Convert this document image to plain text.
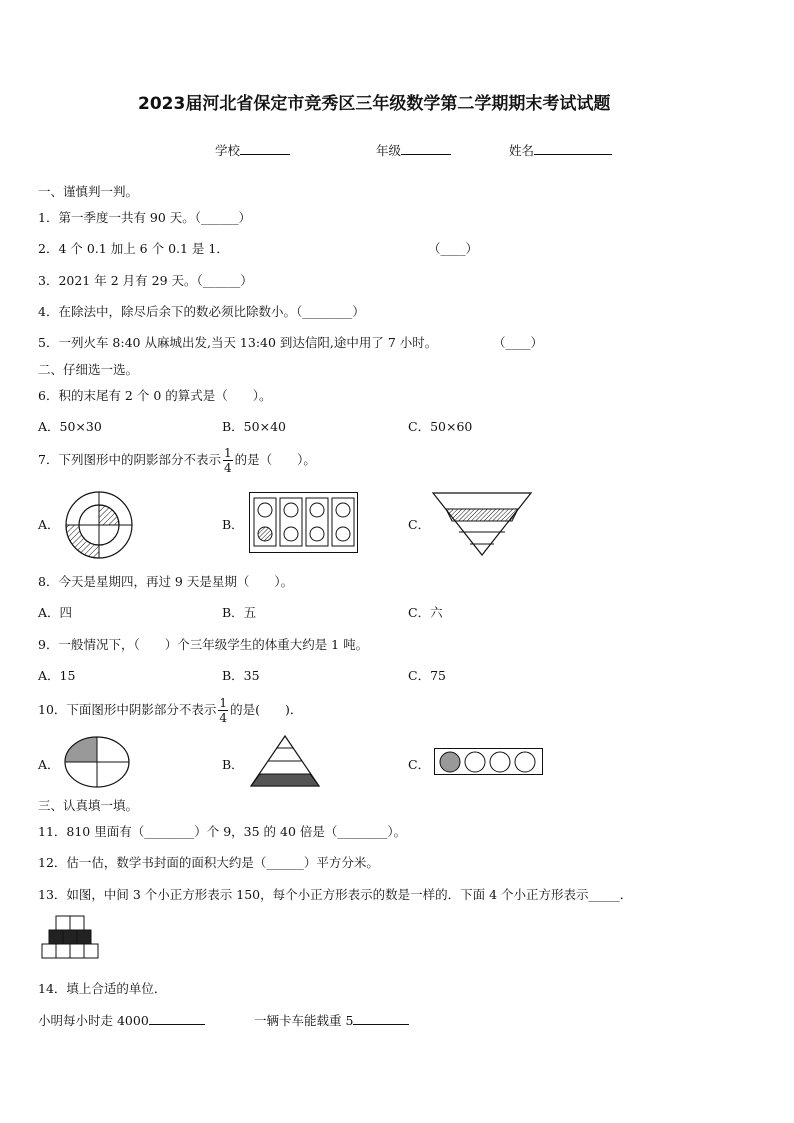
2023届河北省保定市竞秀区三年级数学第二学期期末考试试题
学校	年级	姓名
一、谨慎判一判。
1．第一季度一共有 90 天。（______）
2．4 个 0.1 加上 6 个 0.1 是 1．	（____）
3．2021 年 2 月有 29 天。（______）
4．在除法中，除尽后余下的数必须比除数小。（________）
5．一列火车 8:40 从麻城出发,当天 13:40 到达信阳,途中用了 7 小时。	（____）
二、仔细选一选。
6．积的末尾有 2 个 0 的算式是（　　）。
A．50×30	B．50×40	C．50×60
7．下列图形中的阴影部分不表示 $\frac{1}{4}$ 的是（　　）。
A．	B．	C．
8．今天是星期四，再过 9 天是星期（　　）。
A．四	B．五	C．六
9．一般情况下，（　　）个三年级学生的体重大约是 1 吨。
A．15	B．35	C．75
10．下面图形中阴影部分不表示 $\frac{1}{4}$ 的是(　　)．
A．	B．	C．
三、认真填一填。
11．810 里面有（________）个 9，35 的 40 倍是（________）。
12．估一估，数学书封面的面积大约是（______）平方分米。
13．如图，中间 3 个小正方形表示 150，每个小正方形表示的数是一样的．下面 4 个小正方形表示_____．
14．填上合适的单位．
小明每小时走 4000	一辆卡车能载重 5
